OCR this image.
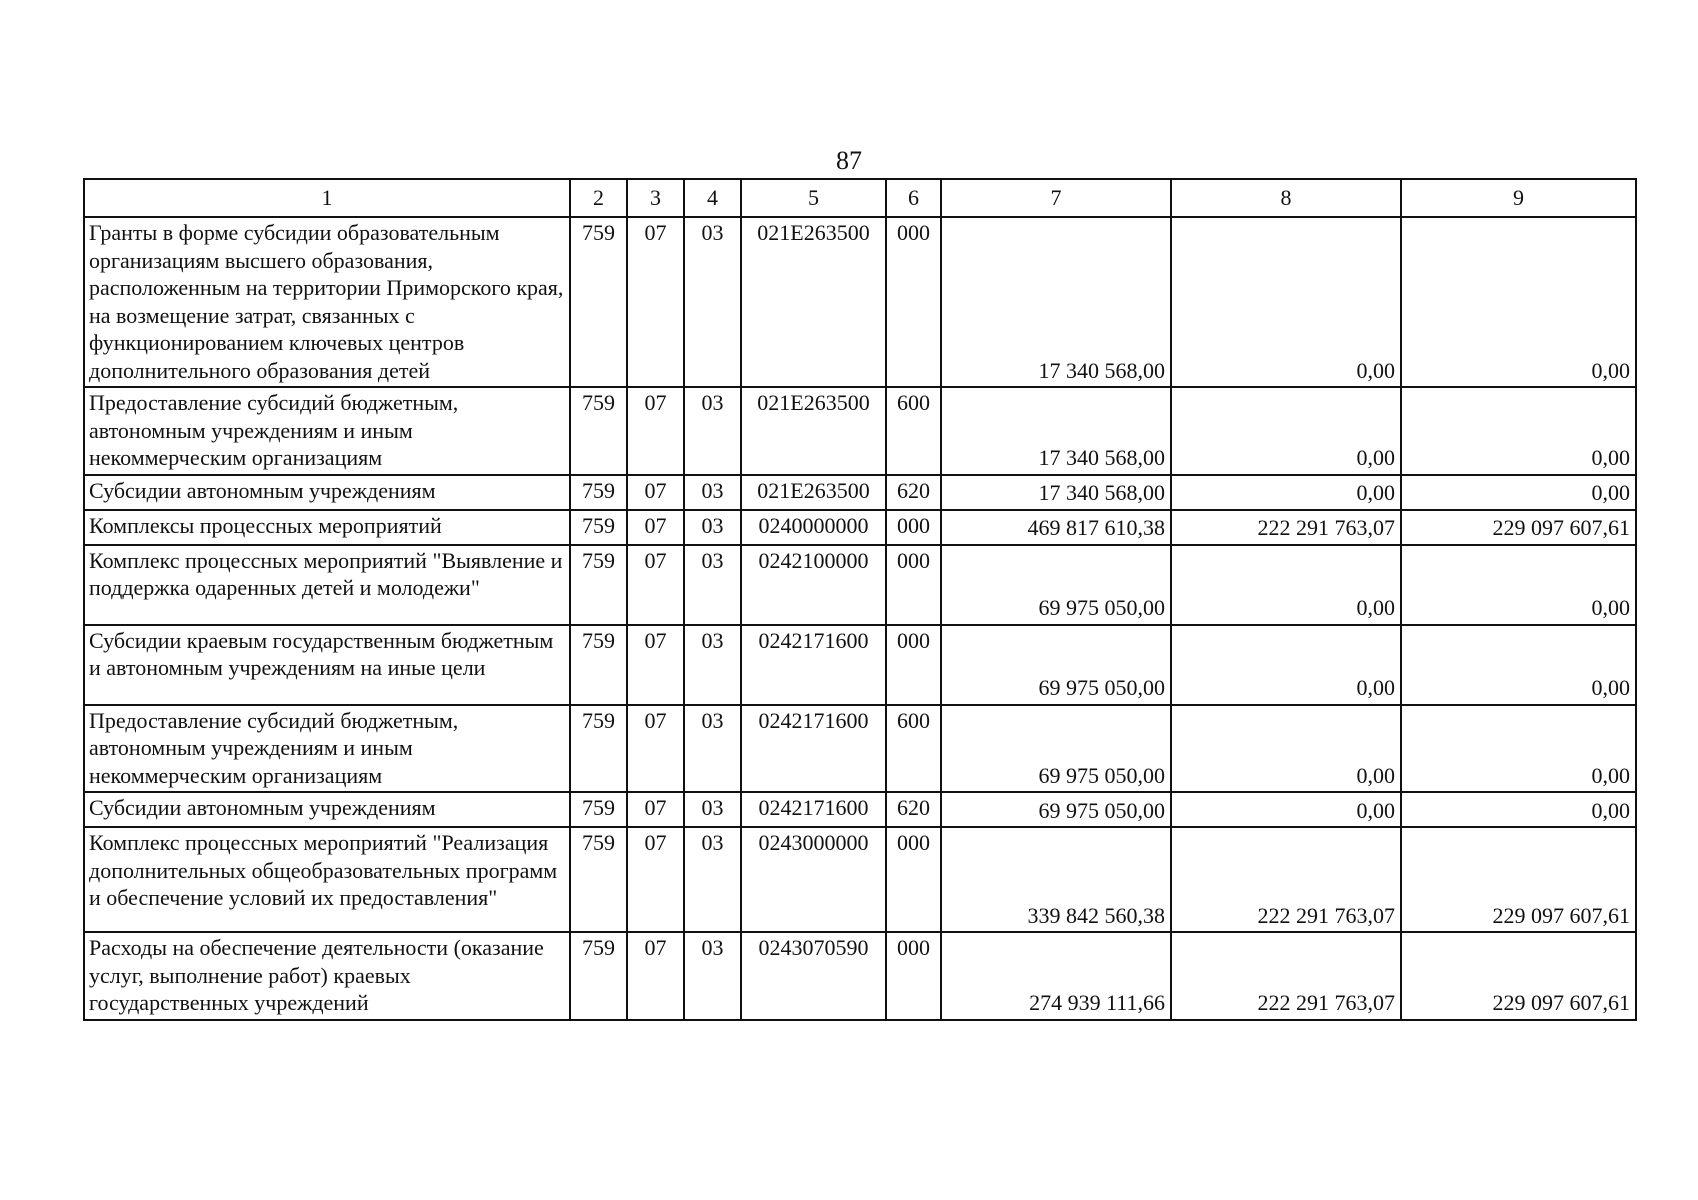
87
1	2	3	4	5	6	7	8	9
Гранты в форме субсидии образовательным организациям высшего образования, расположенным на территории Приморского края, на возмещение затрат, связанных с функционированием ключевых центров дополнительного образования детей	759	07	03	021E263500	000	17 340 568,00	0,00	0,00
Предоставление субсидий бюджетным, автономным учреждениям и иным некоммерческим организациям	759	07	03	021E263500	600	17 340 568,00	0,00	0,00
Субсидии автономным учреждениям	759	07	03	021E263500	620	17 340 568,00	0,00	0,00
Комплексы процессных мероприятий	759	07	03	0240000000	000	469 817 610,38	222 291 763,07	229 097 607,61
Комплекс процессных мероприятий "Выявление и поддержка одаренных детей и молодежи"	759	07	03	0242100000	000	69 975 050,00	0,00	0,00
Субсидии краевым государственным бюджетным и автономным учреждениям на иные цели	759	07	03	0242171600	000	69 975 050,00	0,00	0,00
Предоставление субсидий бюджетным, автономным учреждениям и иным некоммерческим организациям	759	07	03	0242171600	600	69 975 050,00	0,00	0,00
Субсидии автономным учреждениям	759	07	03	0242171600	620	69 975 050,00	0,00	0,00
Комплекс процессных мероприятий "Реализация дополнительных общеобразовательных программ и обеспечение условий их предоставления"	759	07	03	0243000000	000	339 842 560,38	222 291 763,07	229 097 607,61
Расходы на обеспечение деятельности (оказание услуг, выполнение работ) краевых государственных учреждений	759	07	03	0243070590	000	274 939 111,66	222 291 763,07	229 097 607,61
